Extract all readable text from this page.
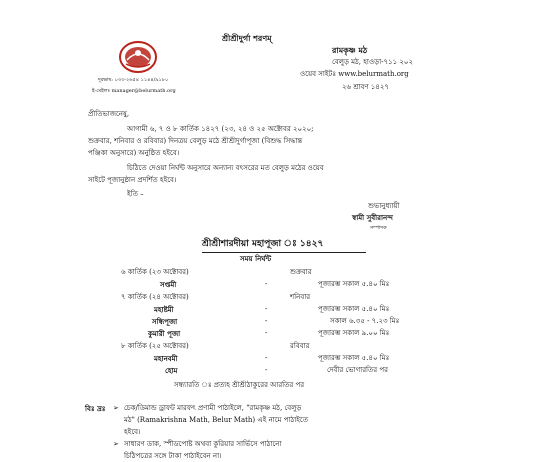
শ্রীশ্রীদুর্গা শরণম্
দূরভাষ: ০৩৩-২৬৫৪ ১১৪৪/৯১৮০
ই-মেইলঃ manager@belurmath.org
রামকৃষ্ণ মঠ
বেলুড় মঠ, হাওড়া-৭১১ ২০২
ওয়েব সাইটঃ www.belurmath.org
২৬ শ্রাবণ ১৪২৭
প্রীতিভাজনেষু,
আগামী ৬, ৭ ও ৮ কার্তিক ১৪২৭ (২৩, ২৪ ও ২৫ অক্টোবর ২০২০;
শুক্রবার, শনিবার ও রবিবার) দিনত্রয় বেলুড় মঠে শ্রীশ্রীদুর্গাপূজা (বিশুদ্ধ সিদ্ধান্ত
পঞ্জিকা অনুসারে) অনুষ্ঠিত হইবে।
চিঠিতে দেওয়া নির্ঘন্ট অনুসারে অন্যান্য বৎসরের মত বেলুড় মঠের ওয়েব
সাইটে পূজানুষ্ঠান প্রদর্শিত হইবে।
ইতি –
শুভানুধ্যায়ী
স্বামী সুবীরানন্দ
সম্পাদক
শ্রীশ্রীশারদীয়া মহাপূজা ঃ ১৪২৭
সময় নির্ঘন্ট
৬ কার্তিক (২৩ অক্টোবর)	শুক্রবার
সপ্তমী	-	পূজারম্ভ সকাল ৫.৪০ মিঃ
৭ কার্তিক (২৪ অক্টোবর)	শনিবার
মহাষ্টমী	-	পূজারম্ভ সকাল ৫.৪০ মিঃ
সন্ধিপূজা	-	সকাল ৬.৩৫ - ৭.২৩ মিঃ
কুমারী পূজা	-	পূজারম্ভ সকাল ৯.০০ মিঃ
৮ কার্তিক (২৫ অক্টোবর)	রবিবার
মহানবমী	-	পূজারম্ভ সকাল ৫.৪০ মিঃ
হোম	-	দেবীর ভোগারতির পর
সন্ধ্যারতি ঃ প্রত্যহ শ্রীশ্রীঠাকুরের আরতির পর
বিঃ দ্রঃ ➢ চেক/ডিমান্ড ড্রাফট মারফৎ প্রণামী পাঠাইলে, "রামকৃষ্ণ মঠ, বেলুড়
মঠ" (Ramakrishna Math, Belur Math) এই নামে পাঠাইতে
হইবে।
➢ সাধারণ ডাক, স্পীডপোষ্ট অথবা কুরিয়ার সার্ভিসে পাঠানো
চিঠিপত্রের সঙ্গে টাকা পাঠাইবেন না।
